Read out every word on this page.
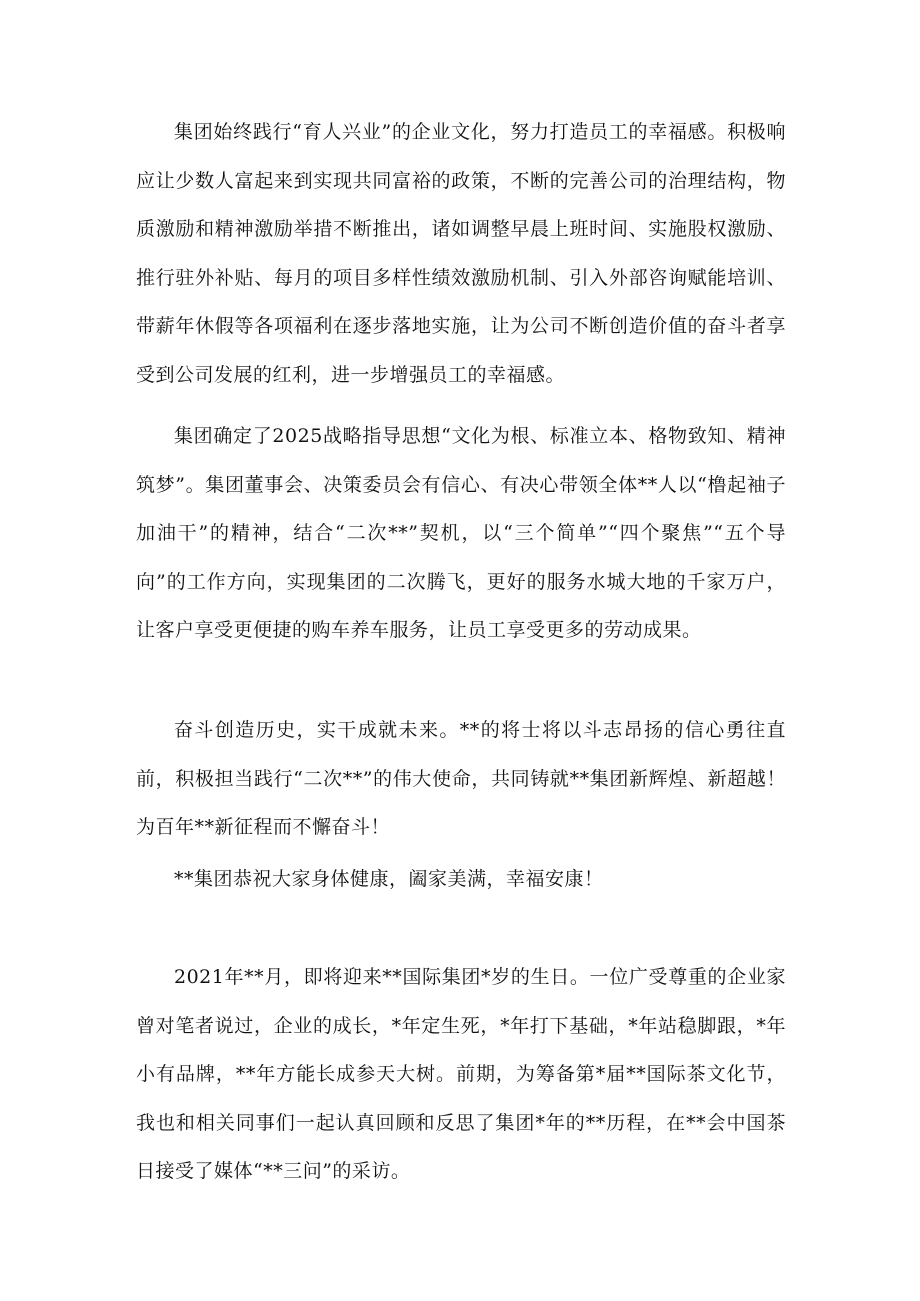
集团始终践行“育人兴业”的企业文化，努力打造员工的幸福感。积极响应让少数人富起来到实现共同富裕的政策，不断的完善公司的治理结构，物质激励和精神激励举措不断推出，诸如调整早晨上班时间、实施股权激励、推行驻外补贴、每月的项目多样性绩效激励机制、引入外部咨询赋能培训、带薪年休假等各项福利在逐步落地实施，让为公司不断创造价值的奋斗者享受到公司发展的红利，进一步增强员工的幸福感。

集团确定了2025战略指导思想“文化为根、标准立本、格物致知、精神筑梦”。集团董事会、决策委员会有信心、有决心带领全体**人以“橹起袖子加油干”的精神，结合“二次**”契机，以“三个简单”“四个聚焦”“五个导向”的工作方向，实现集团的二次腾飞，更好的服务水城大地的千家万户，让客户享受更便捷的购车养车服务，让员工享受更多的劳动成果。

奋斗创造历史，实干成就未来。**的将士将以斗志昂扬的信心勇往直前，积极担当践行“二次**”的伟大使命，共同铸就**集团新辉煌、新超越！为百年**新征程而不懈奋斗！

**集团恭祝大家身体健康，阖家美满，幸福安康！

2021年**月，即将迎来**国际集团*岁的生日。一位广受尊重的企业家曾对笔者说过，企业的成长，*年定生死，*年打下基础，*年站稳脚跟，*年小有品牌，**年方能长成参天大树。前期，为筹备第*届**国际茶文化节，我也和相关同事们一起认真回顾和反思了集团*年的**历程，在**会中国茶日接受了媒体“**三问”的采访。
